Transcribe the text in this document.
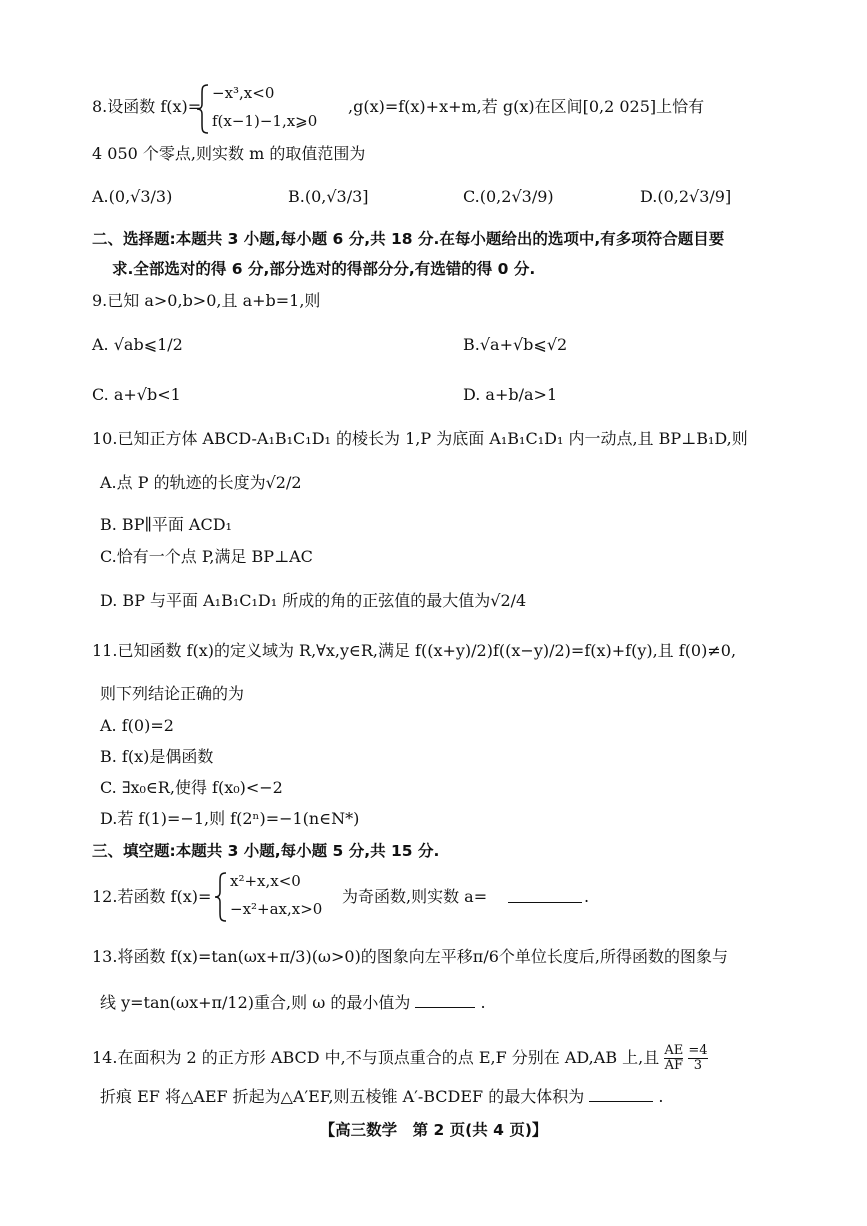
−x³,x<0
f(x−1)−1,x⩾0
8.设函数 f(x)=	,g(x)=f(x)+x+m,若 g(x)在区间[0,2 025]上恰有
4 050 个零点,则实数 m 的取值范围为
A.(0,√3/3)	B.(0,√3/3]	C.(0,2√3/9)	D.(0,2√3/9]
二、选择题:本题共 3 小题,每小题 6 分,共 18 分.在每小题给出的选项中,有多项符合题目要
求.全部选对的得 6 分,部分选对的得部分分,有选错的得 0 分.
9.已知 a>0,b>0,且 a+b=1,则
A. √ab⩽1/2	B.√a+√b⩽√2
C. a+√b<1	D. a+b/a>1
10.已知正方体 ABCD-A₁B₁C₁D₁ 的棱长为 1,P 为底面 A₁B₁C₁D₁ 内一动点,且 BP⊥B₁D,则
A.点 P 的轨迹的长度为√2/2
B. BP∥平面 ACD₁
C.恰有一个点 P,满足 BP⊥AC
D. BP 与平面 A₁B₁C₁D₁ 所成的角的正弦值的最大值为√2/4
11.已知函数 f(x)的定义域为 R,∀x,y∈R,满足 f((x+y)/2)f((x−y)/2)=f(x)+f(y),且 f(0)≠0,
则下列结论正确的为
A. f(0)=2
B. f(x)是偶函数
C. ∃x₀∈R,使得 f(x₀)<−2
D.若 f(1)=−1,则 f(2ⁿ)=−1(n∈N*)
三、填空题:本题共 3 小题,每小题 5 分,共 15 分.
12.若函数 f(x)=
x²+x,x<0
−x²+ax,x>0
为奇函数,则实数 a=	.
13.将函数 f(x)=tan(ωx+π/3)(ω>0)的图象向左平移π/6个单位长度后,所得函数的图象与
线 y=tan(ωx+π/12)重合,则 ω 的最小值为	.
14.在面积为 2 的正方形 ABCD 中,不与顶点重合的点 E,F 分别在 AD,AB 上,且 $\frac{AE}{AF}$
$\frac{=4}{3}$
折痕 EF 将△AEF 折起为△A′EF,则五棱锥 A′-BCDEF 的最大体积为	.
【高三数学　第 2 页(共 4 页)】
